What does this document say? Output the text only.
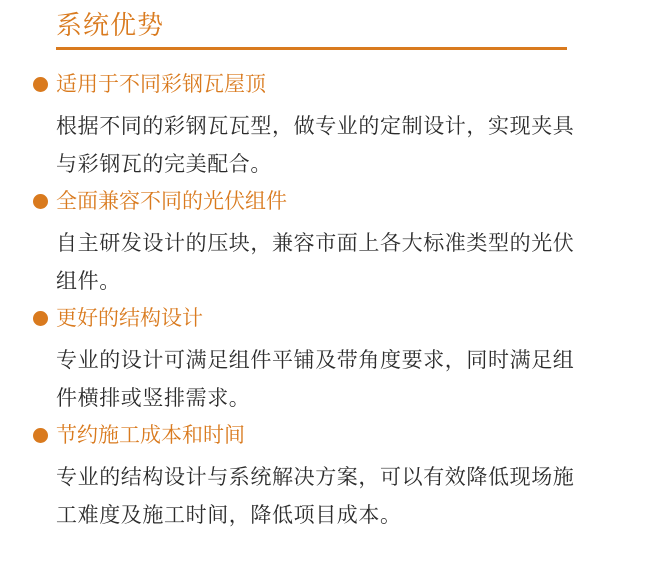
系统优势
适用于不同彩钢瓦屋顶
根据不同的彩钢瓦瓦型，做专业的定制设计，实现夹具与彩钢瓦的完美配合。
全面兼容不同的光伏组件
自主研发设计的压块，兼容市面上各大标准类型的光伏组件。
更好的结构设计
专业的设计可满足组件平铺及带角度要求，同时满足组件横排或竖排需求。
节约施工成本和时间
专业的结构设计与系统解决方案，可以有效降低现场施工难度及施工时间，降低项目成本。
